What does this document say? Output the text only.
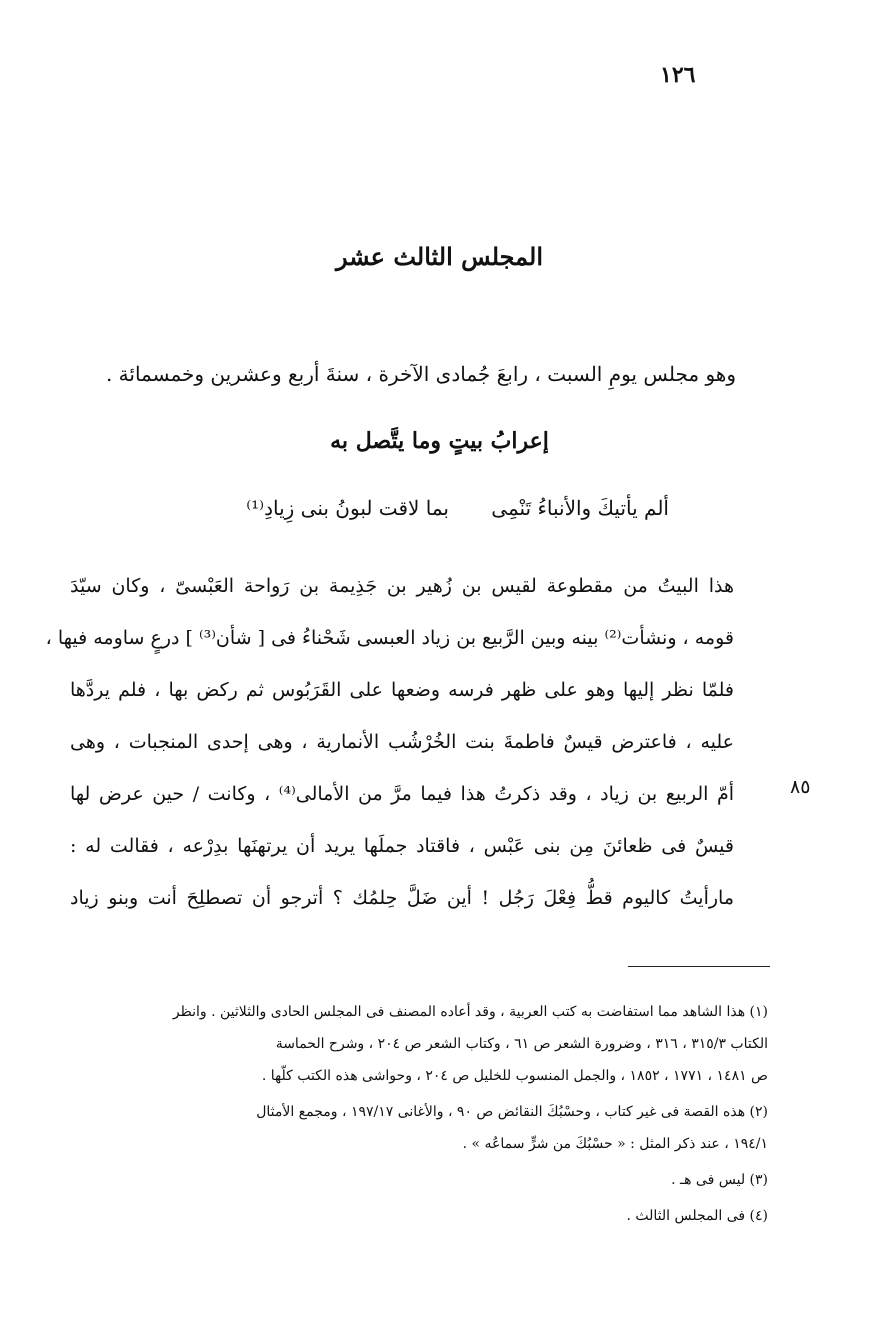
١٢٦
المجلس الثالث عشر
وهو مجلس يومِ السبت ، رابعَ جُمادى الآخرة ، سنةَ أربع وعشرين وخمسمائة .
إعرابُ بيتٍ وما يتَّصل به
ألم يأتيكَ والأنباءُ تَنْمِى
بما لاقت لبونُ بنى زِيادِ⁽¹⁾
هذا البيتُ من مقطوعة لقيس بن زُهير بن جَذِيمة بن رَواحة العَبْسىّ ، وكان سيّدَ
قومه ، ونشأت⁽²⁾ بينه وبين الرَّبيع بن زياد العبسى شَحْناءُ فى [ شأن⁽³⁾ ] درعٍ ساومه فيها ،
فلمّا نظر إليها وهو على ظهر فرسه وضعها على القَرَبُوس ثم ركض بها ، فلم يردَّها
عليه ، فاعترض قيسٌ فاطمةَ بنت الخُرْشُب الأنمارية ، وهى إحدى المنجبات ، وهى
أمّ الربيع بن زياد ، وقد ذكرتُ هذا فيما مرَّ من الأمالى⁽⁴⁾ ، وكانت / حين عرض لها
قيسٌ فى ظعائنَ مِن بنى عَبْس ، فاقتاد جملَها يريد أن يرتهنَها بدِرْعه ، فقالت له :
مارأيتُ كاليوم قطُّ فِعْلَ رَجُل ! أين ضَلَّ حِلمُك ؟ أترجو أن تصطلِحَ أنت وبنو زياد
٨٥
(١) هذا الشاهد مما استفاضت به كتب العربية ، وقد أعاده المصنف فى المجلس الحادى والثلاثين . وانظر
الكتاب ٣١٥/٣ ، ٣١٦ ، وضرورة الشعر ص ٦١ ، وكتاب الشعر ص ٢٠٤ ، وشرح الحماسة
ص ١٤٨١ ، ١٧٧١ ، ١٨٥٢ ، والجمل المنسوب للخليل ص ٢٠٤ ، وحواشى هذه الكتب كلّها .
(٢) هذه القصة فى غير كتاب ، وحسْبُكَ النقائض ص ٩٠ ، والأغانى ١٩٧/١٧ ، ومجمع الأمثال
١٩٤/١ ، عند ذكر المثل : « حسْبُكَ من شرٍّ سماعُه » .
(٣) ليس فى هـ .
(٤) فى المجلس الثالث .
